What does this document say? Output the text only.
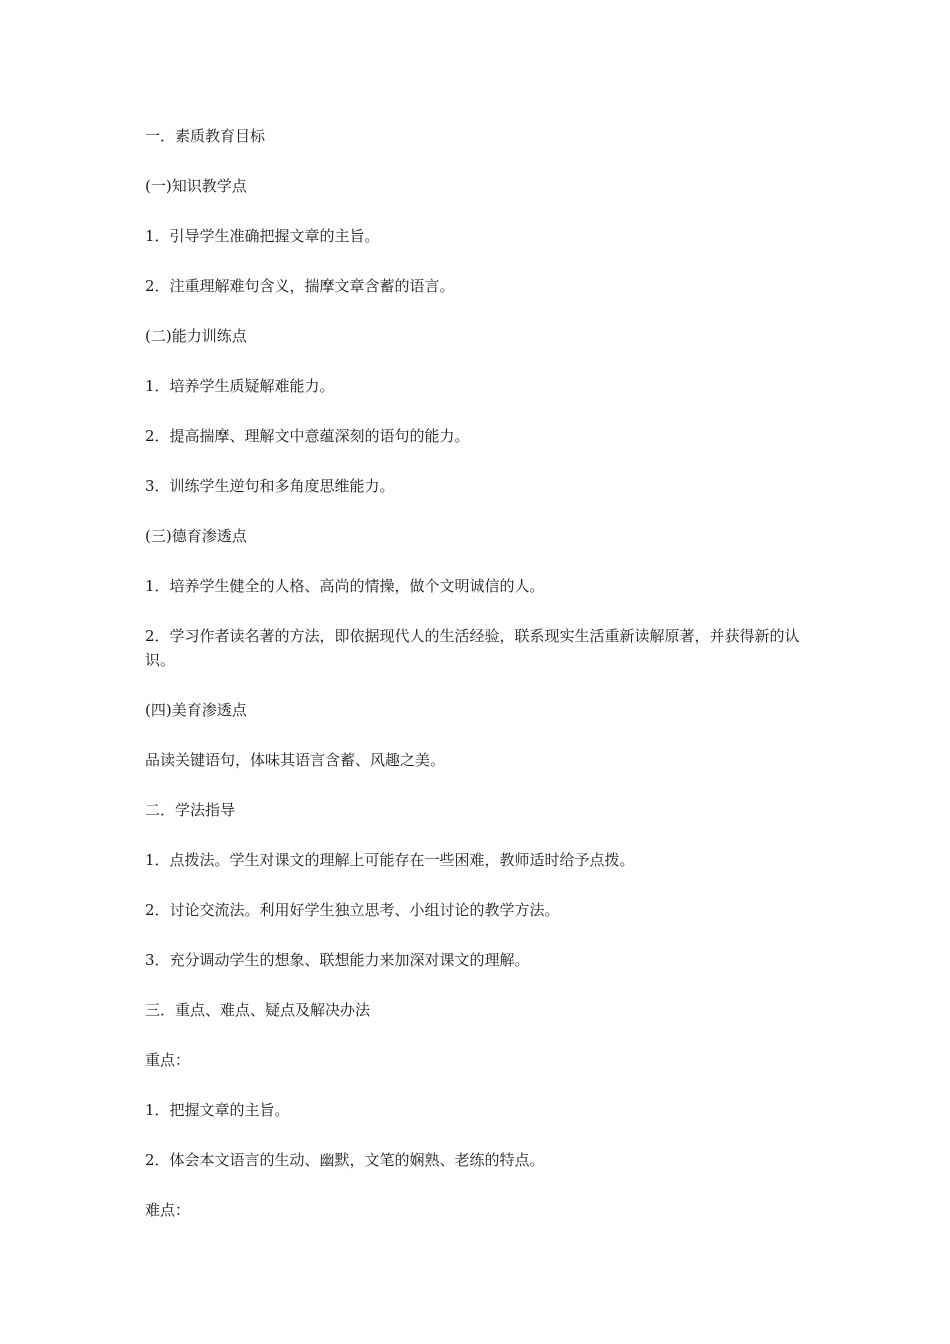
一．素质教育目标

(一)知识教学点

1．引导学生准确把握文章的主旨。

2．注重理解难句含义，揣摩文章含蓄的语言。

(二)能力训练点

1．培养学生质疑解难能力。

2．提高揣摩、理解文中意蕴深刻的语句的能力。

3．训练学生逆句和多角度思维能力。

(三)德育渗透点

1．培养学生健全的人格、高尚的情操，做个文明诚信的人。

2．学习作者读名著的方法，即依据现代人的生活经验，联系现实生活重新读解原著，并获得新的认识。

(四)美育渗透点

品读关键语句，体味其语言含蓄、风趣之美。

二．学法指导

1．点拨法。学生对课文的理解上可能存在一些困难，教师适时给予点拨。

2．讨论交流法。利用好学生独立思考、小组讨论的教学方法。

3．充分调动学生的想象、联想能力来加深对课文的理解。

三．重点、难点、疑点及解决办法

重点：

1．把握文章的主旨。

2．体会本文语言的生动、幽默，文笔的娴熟、老练的特点。

难点：
